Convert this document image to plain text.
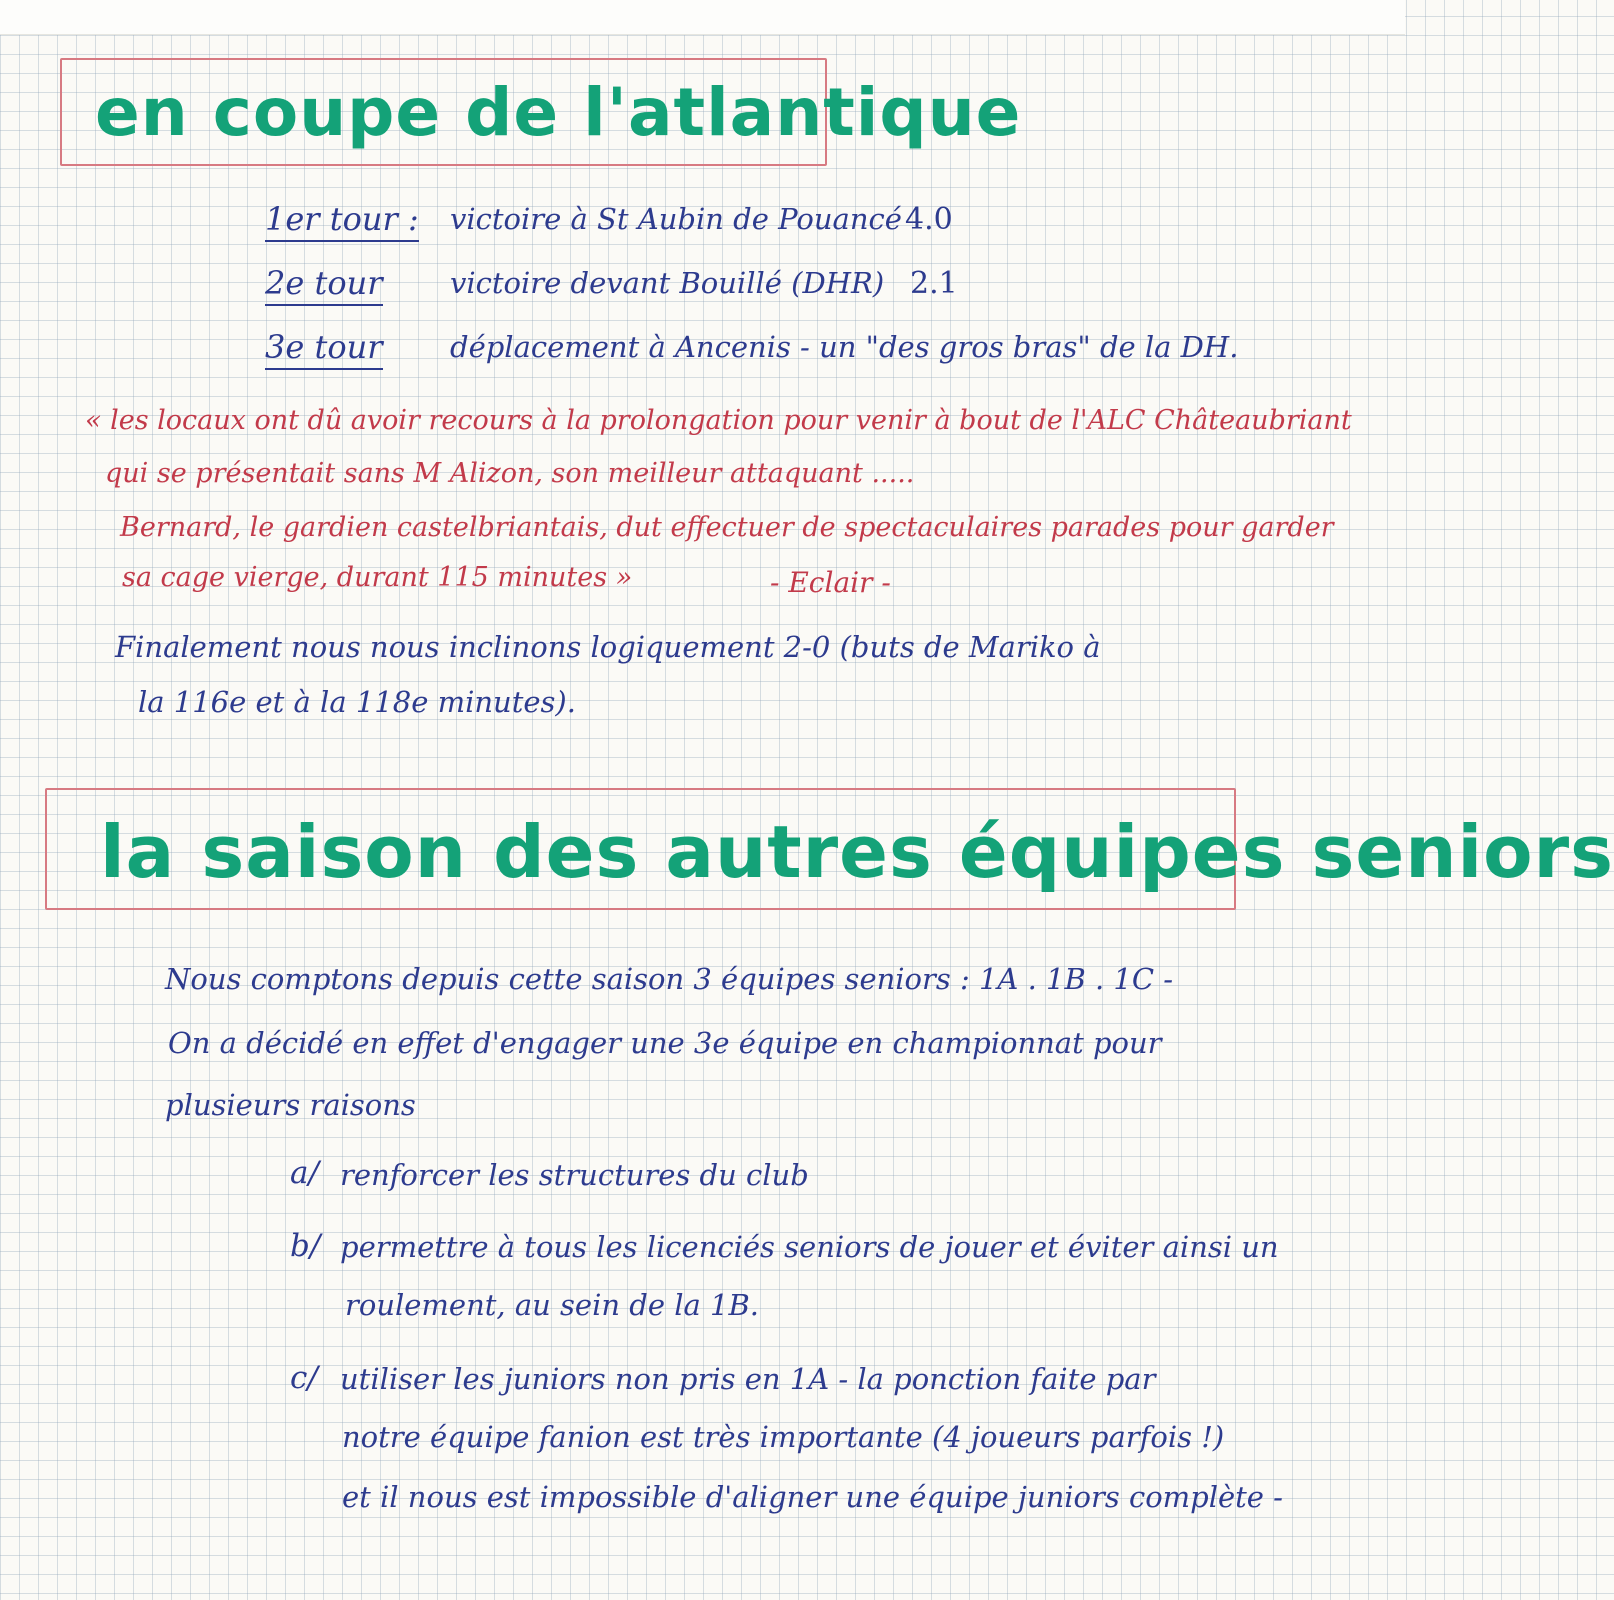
en coupe de l'atlantique
1er tour : victoire à St Aubin de Pouancé 4.0
2e tour victoire devant Bouillé (DHR) 2.1
3e tour déplacement à Ancenis - un "des gros bras" de la DH.

« les locaux ont dû avoir recours à la prolongation pour venir à bout de l'ALC Châteaubriant

qui se présentait sans M Alizon, son meilleur attaquant .....

Bernard, le gardien castelbriantais, dut effectuer de spectaculaires parades pour garder

sa cage vierge, durant 115 minutes »	- Eclair -

Finalement nous nous inclinons logiquement 2-0 (buts de Mariko à

la 116e et à la 118e minutes).

la saison des autres équipes seniors

Nous comptons depuis cette saison 3 équipes seniors : 1A . 1B . 1C -

On a décidé en effet d'engager une 3e équipe en championnat pour

plusieurs raisons

a/ renforcer les structures du club

b/ permettre à tous les licenciés seniors de jouer et éviter ainsi un

roulement, au sein de la 1B.

c/ utiliser les juniors non pris en 1A - la ponction faite par

notre équipe fanion est très importante (4 joueurs parfois !)

et il nous est impossible d'aligner une équipe juniors complète -
